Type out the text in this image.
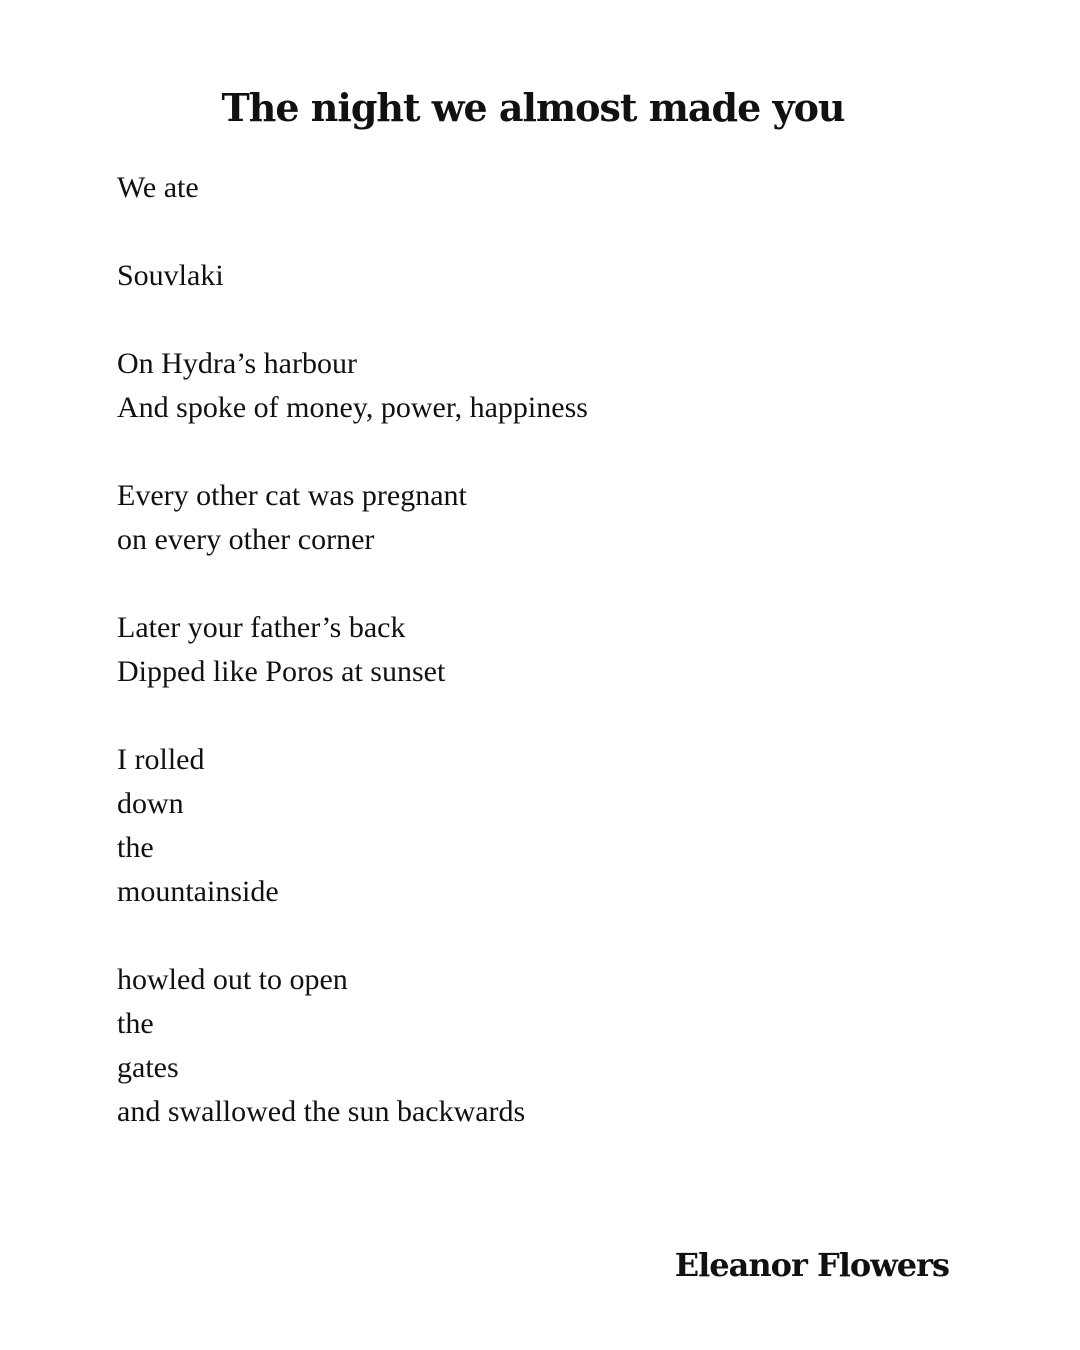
The night we almost made you
We ate
Souvlaki
On Hydra’s harbour
And spoke of money, power, happiness
Every other cat was pregnant
on every other corner
Later your father’s back
Dipped like Poros at sunset
I rolled
down
the
mountainside
howled out to open
the
gates
and swallowed the sun backwards

Eleanor Flowers
